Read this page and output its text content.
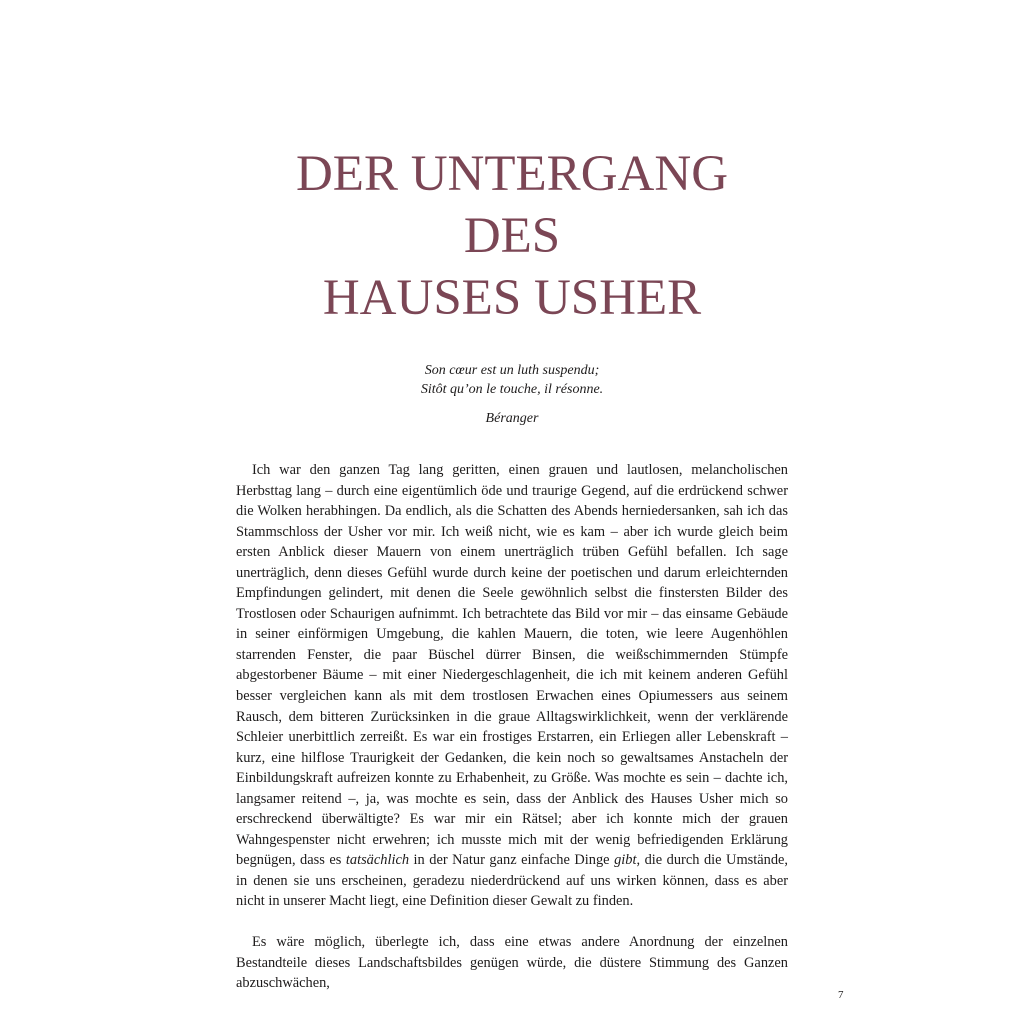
DER UNTERGANG
DES
HAUSES USHER
Son cœur est un luth suspendu;
Sitôt qu’on le touche, il résonne.
Béranger

Ich war den ganzen Tag lang geritten, einen grauen und lautlosen, melancholischen Herbsttag lang – durch eine eigentümlich öde und traurige Gegend, auf die erdrückend schwer die Wolken herabhingen. Da endlich, als die Schatten des Abends herniedersanken, sah ich das Stammschloss der Usher vor mir. Ich weiß nicht, wie es kam – aber ich wurde gleich beim ersten Anblick dieser Mauern von einem unerträglich trüben Gefühl befallen. Ich sage unerträglich, denn dieses Gefühl wurde durch keine der poetischen und darum erleichternden Empfindungen gelindert, mit denen die Seele gewöhnlich selbst die finstersten Bilder des Trostlosen oder Schaurigen aufnimmt. Ich betrachtete das Bild vor mir – das einsame Gebäude in seiner einförmigen Umgebung, die kahlen Mauern, die toten, wie leere Augenhöhlen starrenden Fenster, die paar Büschel dürrer Binsen, die weißschimmernden Stümpfe abgestorbener Bäume – mit einer Niedergeschlagenheit, die ich mit keinem anderen Gefühl besser vergleichen kann als mit dem trostlosen Erwachen eines Opiumessers aus seinem Rausch, dem bitteren Zurücksinken in die graue Alltagswirklichkeit, wenn der verklärende Schleier unerbittlich zerreißt. Es war ein frostiges Erstarren, ein Erliegen aller Lebenskraft – kurz, eine hilflose Traurigkeit der Gedanken, die kein noch so gewaltsames Anstacheln der Einbildungskraft aufreizen konnte zu Erhabenheit, zu Größe. Was mochte es sein – dachte ich, langsamer reitend –, ja, was mochte es sein, dass der Anblick des Hauses Usher mich so erschreckend überwältigte? Es war mir ein Rätsel; aber ich konnte mich der grauen Wahngespenster nicht erwehren; ich musste mich mit der wenig befriedigenden Erklärung begnügen, dass es tatsächlich in der Natur ganz einfache Dinge gibt, die durch die Umstände, in denen sie uns erscheinen, geradezu niederdrückend auf uns wirken können, dass es aber nicht in unserer Macht liegt, eine Definition dieser Gewalt zu finden.

Es wäre möglich, überlegte ich, dass eine etwas andere Anordnung der einzelnen Bestandteile dieses Landschaftsbildes genügen würde, die düstere Stimmung des Ganzen abzuschwächen,

7
